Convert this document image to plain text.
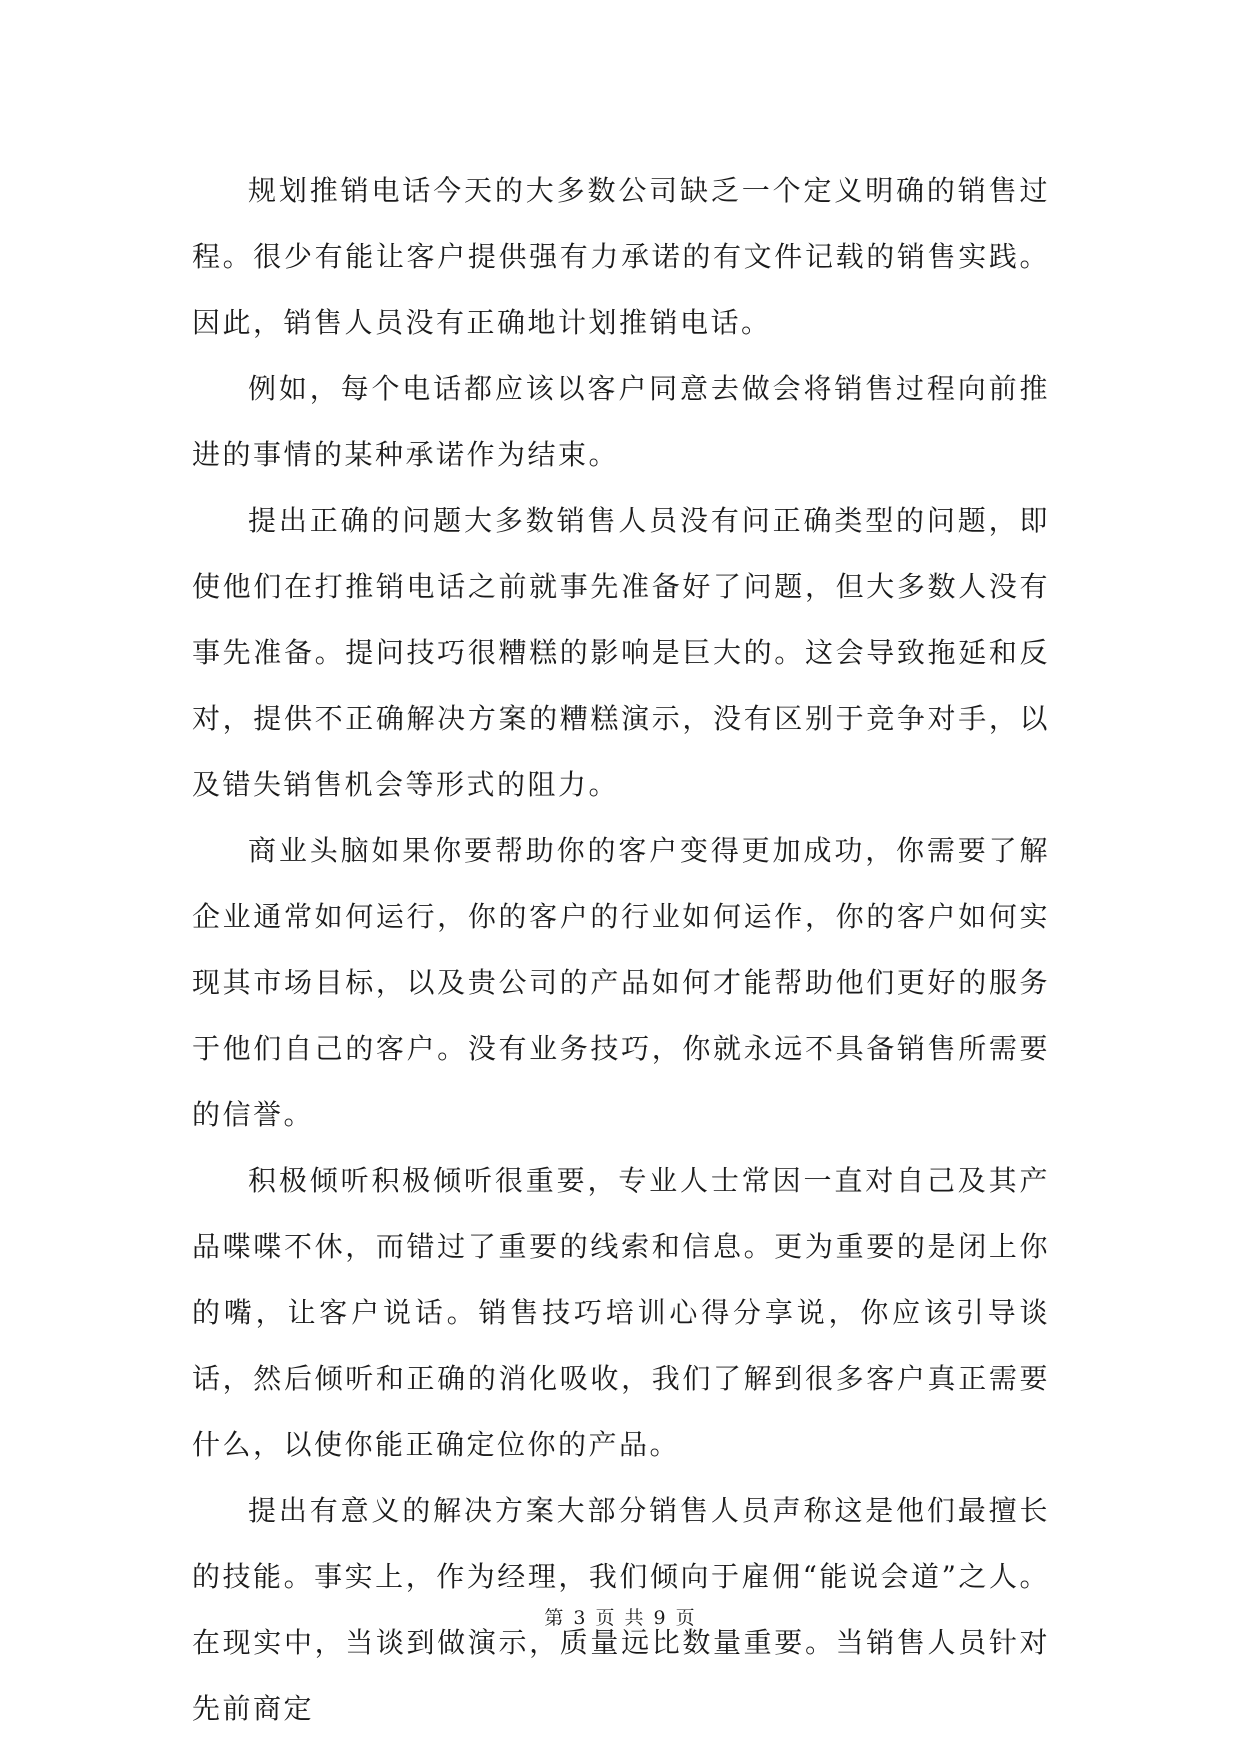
规划推销电话今天的大多数公司缺乏一个定义明确的销售过程。很少有能让客户提供强有力承诺的有文件记载的销售实践。因此，销售人员没有正确地计划推销电话。

例如，每个电话都应该以客户同意去做会将销售过程向前推进的事情的某种承诺作为结束。

提出正确的问题大多数销售人员没有问正确类型的问题，即使他们在打推销电话之前就事先准备好了问题，但大多数人没有事先准备。提问技巧很糟糕的影响是巨大的。这会导致拖延和反对，提供不正确解决方案的糟糕演示，没有区别于竞争对手，以及错失销售机会等形式的阻力。

商业头脑如果你要帮助你的客户变得更加成功，你需要了解企业通常如何运行，你的客户的行业如何运作，你的客户如何实现其市场目标，以及贵公司的产品如何才能帮助他们更好的服务于他们自己的客户。没有业务技巧，你就永远不具备销售所需要的信誉。

积极倾听积极倾听很重要，专业人士常因一直对自己及其产品喋喋不休，而错过了重要的线索和信息。更为重要的是闭上你的嘴，让客户说话。销售技巧培训心得分享说，你应该引导谈话，然后倾听和正确的消化吸收，我们了解到很多客户真正需要什么，以使你能正确定位你的产品。

提出有意义的解决方案大部分销售人员声称这是他们最擅长的技能。事实上，作为经理，我们倾向于雇佣“能说会道”之人。在现实中，当谈到做演示，质量远比数量重要。当销售人员针对先前商定

第 3 页 共 9 页
